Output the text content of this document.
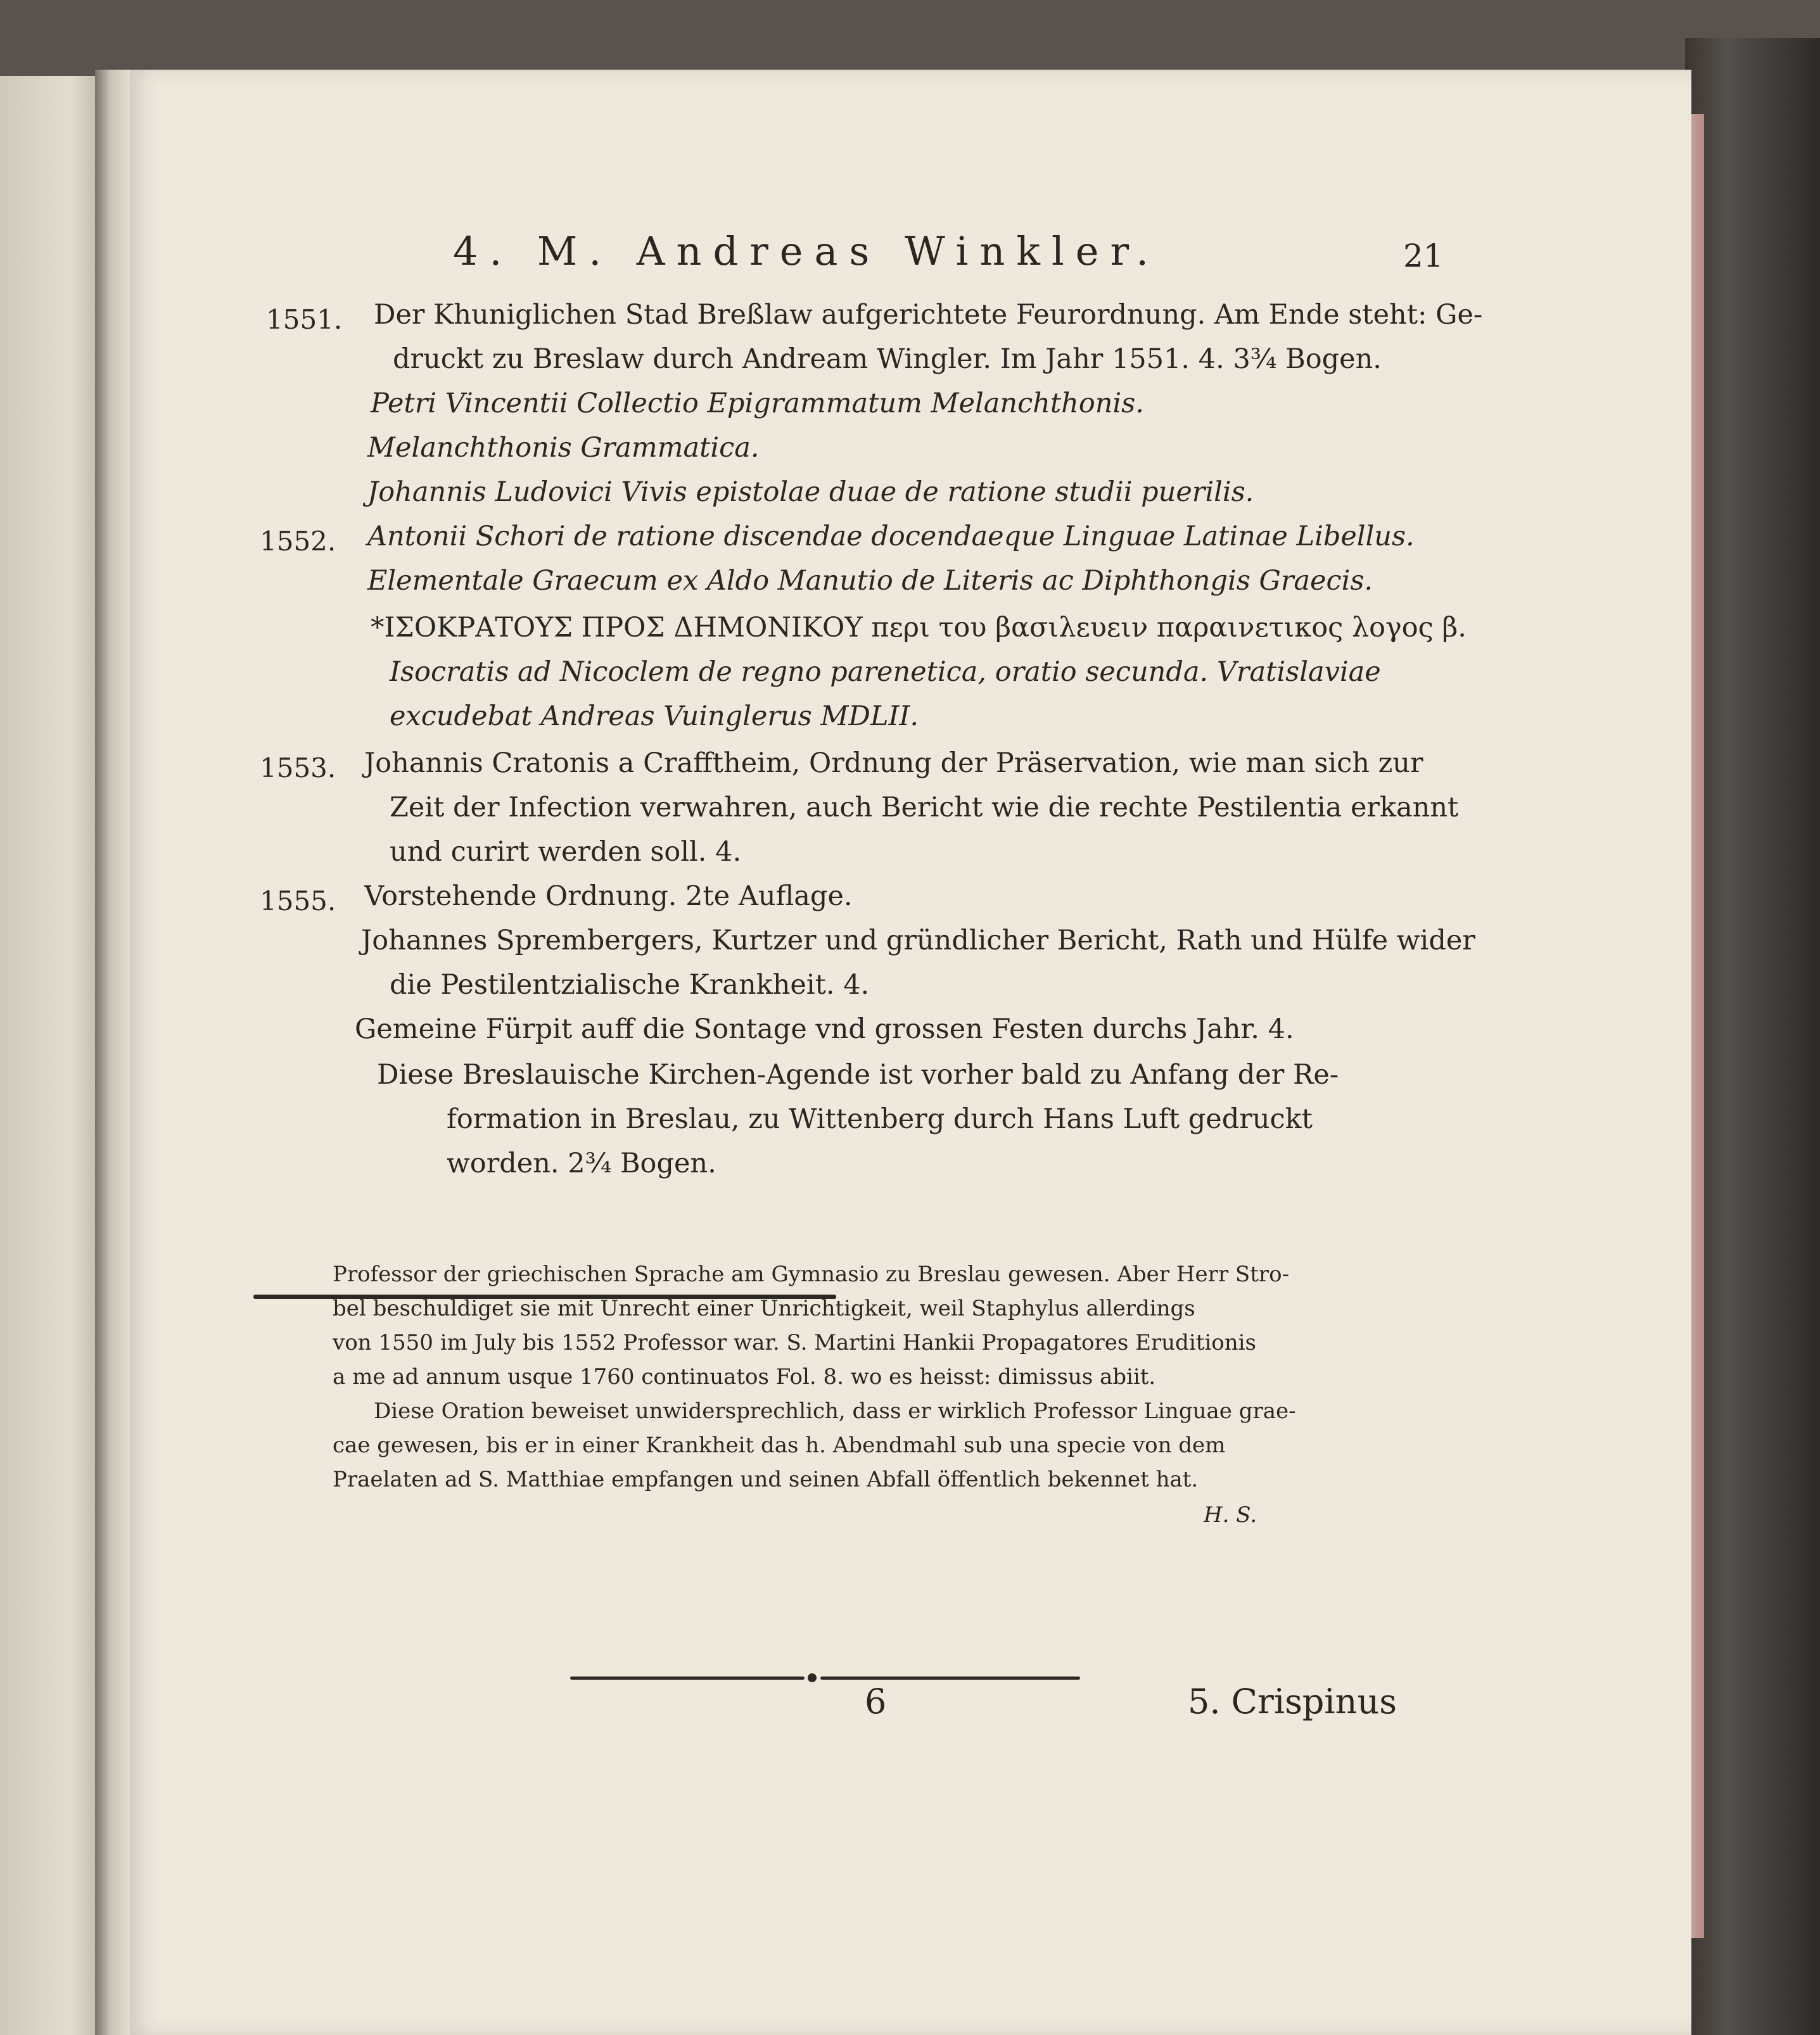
4. M. Andreas Winkler.	21
1551. Der Khuniglichen Stad Breßlaw aufgerichtete Feurordnung. Am Ende steht: Ge-
druckt zu Breslaw durch Andream Wingler. Im Jahr 1551. 4. 3¾ Bogen.
Petri Vincentii Collectio Epigrammatum Melanchthonis.
Melanchthonis Grammatica.
Johannis Ludovici Vivis epistolae duae de ratione studii puerilis.
1552. Antonii Schori de ratione discendae docendaeque Linguae Latinae Libellus.
Elementale Graecum ex Aldo Manutio de Literis ac Diphthongis Graecis.
*ΙΣΟΚΡΑΤΟΥΣ ΠΡΟΣ ΔΗΜΟΝΙΚΟΥ περι του βασιλευειν παραινετικος λογος β.
Isocratis ad Nicoclem de regno parenetica, oratio secunda. Vratislaviae
excudebat Andreas Vuinglerus MDLII.
1553. Johannis Cratonis a Crafftheim, Ordnung der Präservation, wie man sich zur
Zeit der Infection verwahren, auch Bericht wie die rechte Pestilentia erkannt
und curirt werden soll. 4.
1555. Vorstehende Ordnung. 2te Auflage.
Johannes Sprembergers, Kurtzer und gründlicher Bericht, Rath und Hülfe wider
die Pestilentzialische Krankheit. 4.
Gemeine Fürpit auff die Sontage vnd grossen Festen durchs Jahr. 4.
Diese Breslauische Kirchen-Agende ist vorher bald zu Anfang der Re-
formation in Breslau, zu Wittenberg durch Hans Luft gedruckt
worden. 2¾ Bogen.
Professor der griechischen Sprache am Gymnasio zu Breslau gewesen. Aber Herr Stro-
bel beschuldiget sie mit Unrecht einer Unrichtigkeit, weil Staphylus allerdings
von 1550 im July bis 1552 Professor war. S. Martini Hankii Propagatores Eruditionis
a me ad annum usque 1760 continuatos Fol. 8. wo es heisst: dimissus abiit.
Diese Oration beweiset unwidersprechlich, dass er wirklich Professor Linguae grae-
cae gewesen, bis er in einer Krankheit das h. Abendmahl sub una specie von dem
Praelaten ad S. Matthiae empfangen und seinen Abfall öffentlich bekennet hat.
H. S.
6	5. Crispinus
